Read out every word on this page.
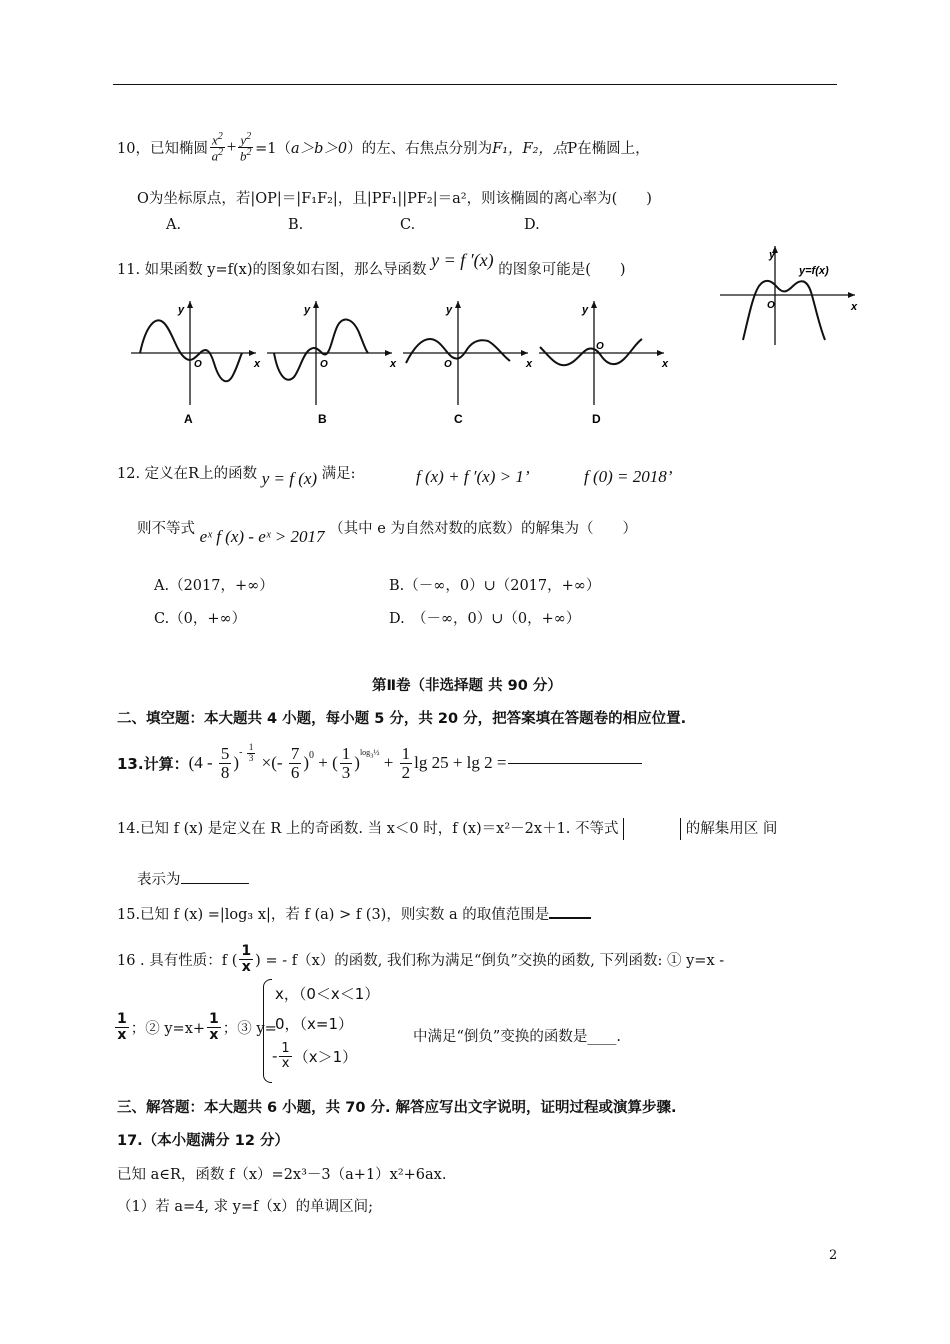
10，已知椭圆 $\frac{x^2}{a^2} + \frac{y^2}{b^2} =1$（ a＞b＞0 ）的左、右焦点分别为 F₁，F₂，点 P在椭圆上，
O为坐标原点，若|OP|＝|F₁F₂|，且|PF₁||PF₂|＝a²，则该椭圆的离心率为(　　)
A.	B.	C.	D.
11. 如果函数 y=f(x)的图象如右图，那么导函数 y = f ′(x) 的图象可能是(　　)
y
x
O
y=f(x)
y
x
O
A
y
x
O
B
y
x
O
C
y
x
O
D
12. 定义在R上的函数 y = f (x) 满足:	f (x) + f ′(x) > 1’	f (0) = 2018’
则不等式 eˣ f (x) - eˣ > 2017 （其中 e 为自然对数的底数）的解集为（　　）
A.（2017，+∞）	B.（－∞，0）∪（2017，+∞）
C.（0，+∞）	D.　（－∞，0）∪（0，+∞）
第Ⅱ卷（非选择题 共 90 分）
二、填空题：本大题共 4 小题，每小题 5 分，共 20 分，把答案填在答题卷的相应位置.
13.计算： ($4 - \frac{5}{8}$ )
- $\frac{1}{3}$ ×(- $\frac{7}{6}$ ) 0 + ( $\frac{1}{3}$ )
$\log_3\frac{1}{2}$
+ $\frac{1}{2}$ lg 25 + lg 2 =
14.已知 f (x) 是定义在 R 上的奇函数. 当 x＜0 时，f (x)＝x²－2x＋1. 不等式	的解集用区 间
表示为
15.已知 f (x) =|log₃ x|，若 f (a) > f (3)，则实数 a 的取值范围是
16 . 具有性质：f ( $\frac{1}{x}$ ) = - f（x）的函数, 我们称为满足“倒负”交换的函数, 下列函数: ① y=x -
$\frac{1}{x}$ ；② $y=x+ \frac{1}{x}$ ；③ y=
x，（0＜x＜1）
0，（x=1）
- $\frac{1}{x} (x>1)$
中满足“倒负”变换的函数是____.
三、解答题：本大题共 6 小题，共 70 分. 解答应写出文字说明，证明过程或演算步骤.
17.（本小题满分 12 分）
已知 a∈R，函数 f（x）=2x³－3（a+1）x²+6ax.
（1）若 a=4, 求 y=f（x）的单调区间;
2
